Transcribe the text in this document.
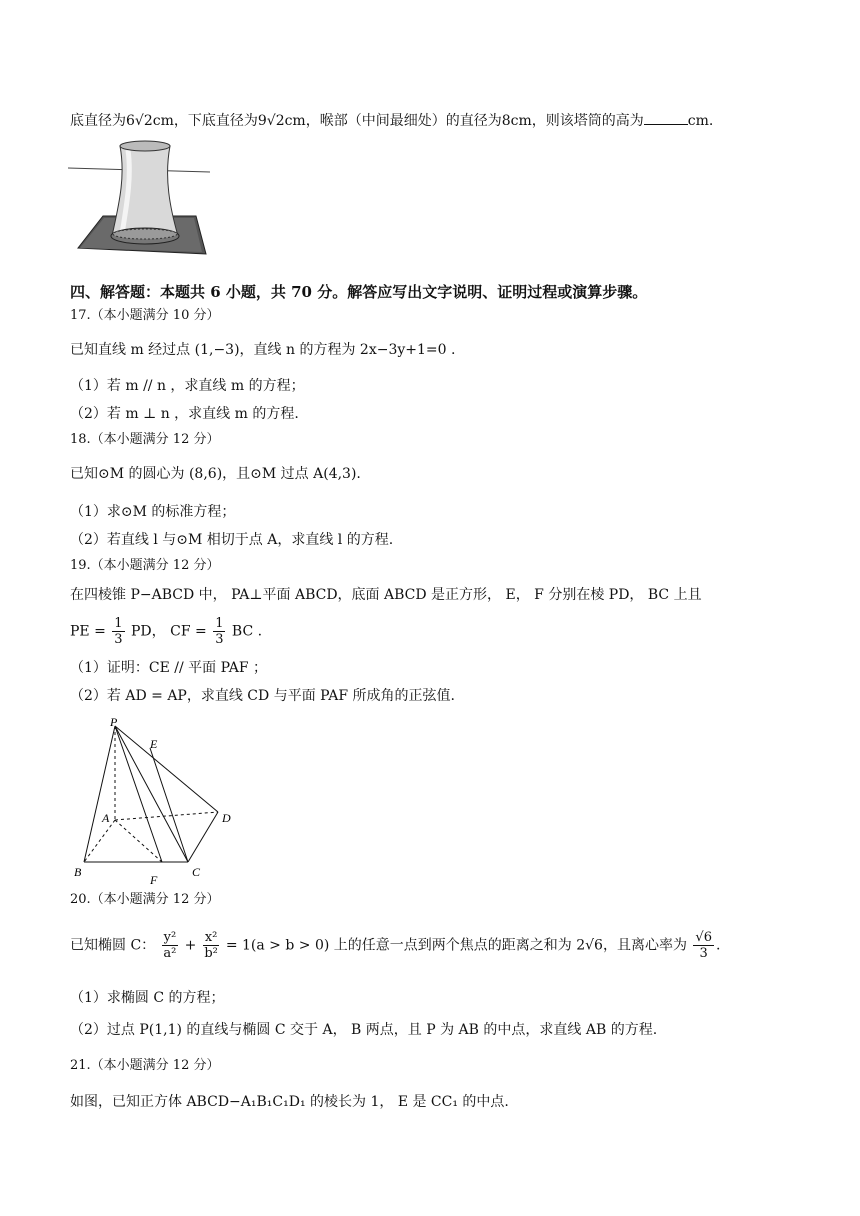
底直径为6√2cm，下底直径为9√2cm，喉部（中间最细处）的直径为8cm，则该塔筒的高为	cm.
四、解答题：本题共 6 小题，共 70 分。解答应写出文字说明、证明过程或演算步骤。
17.（本小题满分 10 分）
已知直线 m 经过点 (1,−3)，直线 n 的方程为 2x−3y+1=0 .
（1）若 m // n ，求直线 m 的方程；
（2）若 m ⊥ n ，求直线 m 的方程.
18.（本小题满分 12 分）
已知⊙M 的圆心为 (8,6)，且⊙M 过点 A(4,3).
（1）求⊙M 的标准方程；
（2）若直线 l 与⊙M 相切于点 A，求直线 l 的方程.
19.（本小题满分 12 分）
在四棱锥 P−ABCD 中， PA⊥平面 ABCD，底面 ABCD 是正方形， E， F 分别在棱 PD， BC 上且
PE = $\frac{1}{3}$ PD， CF = $\frac{1}{3}$ BC .
（1）证明：CE // 平面 PAF ；
（2）若 AD = AP，求直线 CD 与平面 PAF 所成角的正弦值.
P
E
A	D
B
F
C
20.（本小题满分 12 分）
已知椭圆 C： $\frac{\text{y²}}{\text{a²}} + \frac{\text{x²}}{\text{b²}} = 1(a > b > 0)$ 上的任意一点到两个焦点的距离之和为 2√6，且离心率为 $\frac{√6}{3}$ .
（1）求椭圆 C 的方程；
（2）过点 P(1,1) 的直线与椭圆 C 交于 A， B 两点，且 P 为 AB 的中点，求直线 AB 的方程.
21.（本小题满分 12 分）
如图，已知正方体 ABCD−A₁B₁C₁D₁ 的棱长为 1， E 是 CC₁ 的中点.
